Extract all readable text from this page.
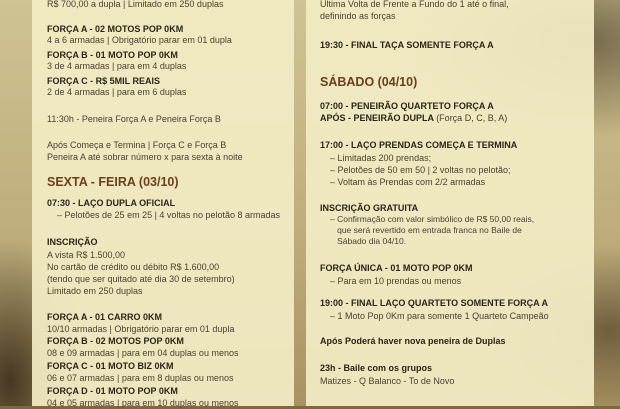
R$ 700,00 a dupla | Limitado em 250 duplas
FORÇA A - 02 MOTOS POP 0KM
4 a 6 armadas | Obrigatório parar em 01 dupla
FORÇA B - 01 MOTO POP 0KM
3 de 4 armadas | para em 4 duplas
FORÇA C - R$ 5MIL REAIS
2 de 4 armadas | para em 6 duplas
11:30h - Peneira Força A e Peneira Força B
Após Começa e Termina | Força C e Força B
Peneira A até sobrar número x para sexta à noite
SEXTA - FEIRA (03/10)
07:30 - LAÇO DUPLA OFICIAL
– Pelotões de 25 em 25 | 4 voltas no pelotão 8 armadas
INSCRIÇÃO
A vista R$ 1.500,00
No cartão de crédito ou débito R$ 1.600,00
(tendo que ser quitado até dia 30 de setembro)
Limitado em 250 duplas
FORÇA A - 01 CARRO 0KM
10/10 armadas | Obrigatório parar em 01 dupla
FORÇA B - 02 MOTOS POP 0KM
08 e 09 armadas | para em 04 duplas ou menos
FORÇA C - 01 MOTO BIZ 0KM
06 e 07 armadas | para em 8 duplas ou menos
FORÇA D - 01 MOTO POP 0KM
04 e 05 armadas | para em 10 duplas ou menos
Última Volta de Frente a Fundo do 1 até o final,
definindo as forças
19:30 - FINAL TAÇA SOMENTE FORÇA A
SÁBADO (04/10)
07:00 - PENEIRÃO QUARTETO FORÇA A
APÓS - PENEIRÃO DUPLA (Força D, C, B, A)
17:00 - LAÇO PRENDAS COMEÇA E TERMINA
– Limitadas 200 prendas;
– Pelotões de 50 em 50 | 2 voltas no pelotão;
– Voltam às Prendas com 2/2 armadas
INSCRIÇÃO GRATUITA
– Confirmação com valor simbólico de R$ 50,00 reais,
que será revertido em entrada franca no Baile de
Sábado dia 04/10.
FORÇA ÚNICA - 01 MOTO POP 0KM
– Para em 10 prendas ou menos
19:00 - FINAL LAÇO QUARTETO SOMENTE FORÇA A
– 1 Moto Pop 0Km para somente 1 Quarteto Campeão
Após Poderá haver nova peneira de Duplas
23h - Baile com os grupos
Matizes - Q Balanco - To de Novo
